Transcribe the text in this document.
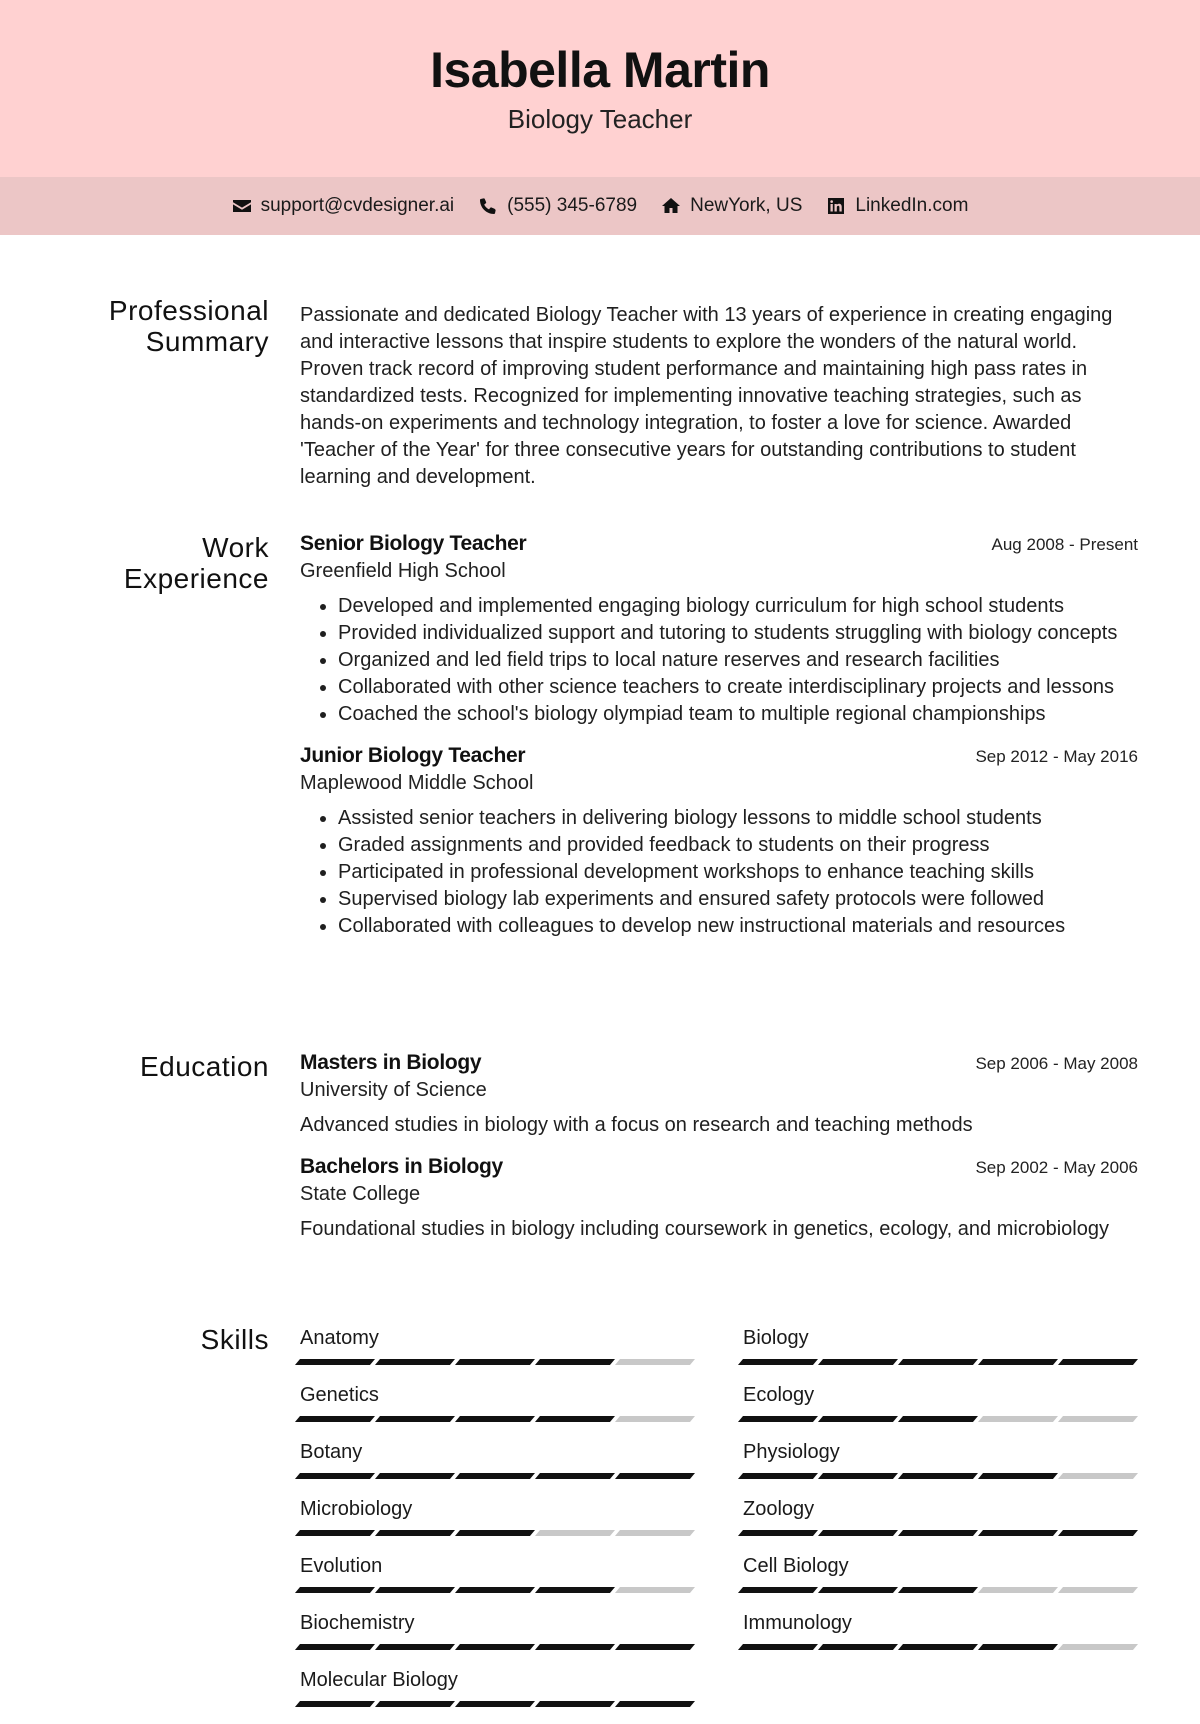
Isabella Martin
Biology Teacher
support@cvdesigner.ai	(555) 345-6789	NewYork, US	LinkedIn.com
Professional
Summary

Passionate and dedicated Biology Teacher with 13 years of experience in creating engaging and interactive lessons that inspire students to explore the wonders of the natural world. Proven track record of improving student performance and maintaining high pass rates in standardized tests. Recognized for implementing innovative teaching strategies, such as hands-on experiments and technology integration, to foster a love for science. Awarded 'Teacher of the Year' for three consecutive years for outstanding contributions to student learning and development.

Work
Experience
Senior Biology Teacher	Aug 2008 - Present
Greenfield High School
• Developed and implemented engaging biology curriculum for high school students
• Provided individualized support and tutoring to students struggling with biology concepts
• Organized and led field trips to local nature reserves and research facilities
• Collaborated with other science teachers to create interdisciplinary projects and lessons
• Coached the school's biology olympiad team to multiple regional championships
Junior Biology Teacher	Sep 2012 - May 2016
Maplewood Middle School
• Assisted senior teachers in delivering biology lessons to middle school students
• Graded assignments and provided feedback to students on their progress
• Participated in professional development workshops to enhance teaching skills
• Supervised biology lab experiments and ensured safety protocols were followed
• Collaborated with colleagues to develop new instructional materials and resources
Education Masters in Biology	Sep 2006 - May 2008
University of Science
Advanced studies in biology with a focus on research and teaching methods
Bachelors in Biology	Sep 2002 - May 2006
State College
Foundational studies in biology including coursework in genetics, ecology, and microbiology
Skills Anatomy	Biology
Genetics	Ecology
Botany	Physiology
Microbiology	Zoology
Evolution	Cell Biology
Biochemistry	Immunology
Molecular Biology
